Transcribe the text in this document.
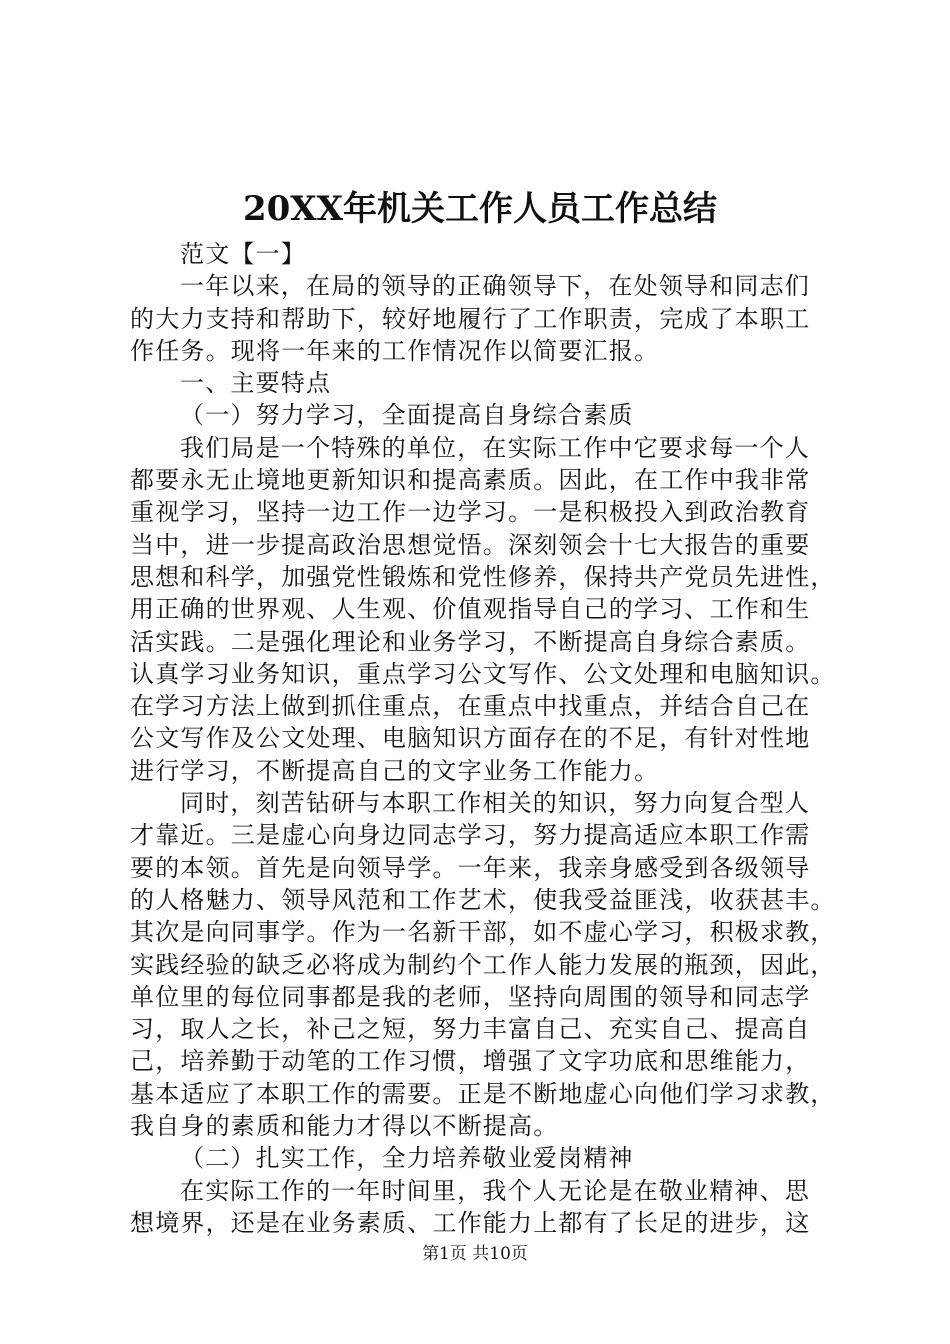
20XX年机关工作人员工作总结
范文【一】
一年以来，在局的领导的正确领导下，在处领导和同志们
的大力支持和帮助下，较好地履行了工作职责，完成了本职工
作任务。现将一年来的工作情况作以简要汇报。
一、主要特点
（一）努力学习，全面提高自身综合素质
我们局是一个特殊的单位，在实际工作中它要求每一个人
都要永无止境地更新知识和提高素质。因此，在工作中我非常
重视学习，坚持一边工作一边学习。一是积极投入到政治教育
当中，进一步提高政治思想觉悟。深刻领会十七大报告的重要
思想和科学，加强党性锻炼和党性修养，保持共产党员先进性，
用正确的世界观、人生观、价值观指导自己的学习、工作和生
活实践。二是强化理论和业务学习，不断提高自身综合素质。
认真学习业务知识，重点学习公文写作、公文处理和电脑知识。
在学习方法上做到抓住重点，在重点中找重点，并结合自己在
公文写作及公文处理、电脑知识方面存在的不足，有针对性地
进行学习，不断提高自己的文字业务工作能力。
同时，刻苦钻研与本职工作相关的知识，努力向复合型人
才靠近。三是虚心向身边同志学习，努力提高适应本职工作需
要的本领。首先是向领导学。一年来，我亲身感受到各级领导
的人格魅力、领导风范和工作艺术，使我受益匪浅，收获甚丰。
其次是向同事学。作为一名新干部，如不虚心学习，积极求教，
实践经验的缺乏必将成为制约个工作人能力发展的瓶颈，因此，
单位里的每位同事都是我的老师，坚持向周围的领导和同志学
习，取人之长，补己之短，努力丰富自己、充实自己、提高自
己，培养勤于动笔的工作习惯，增强了文字功底和思维能力，
基本适应了本职工作的需要。正是不断地虚心向他们学习求教，
我自身的素质和能力才得以不断提高。
（二）扎实工作，全力培养敬业爱岗精神
在实际工作的一年时间里，我个人无论是在敬业精神、思
想境界，还是在业务素质、工作能力上都有了长足的进步，这
第1页 共10页
